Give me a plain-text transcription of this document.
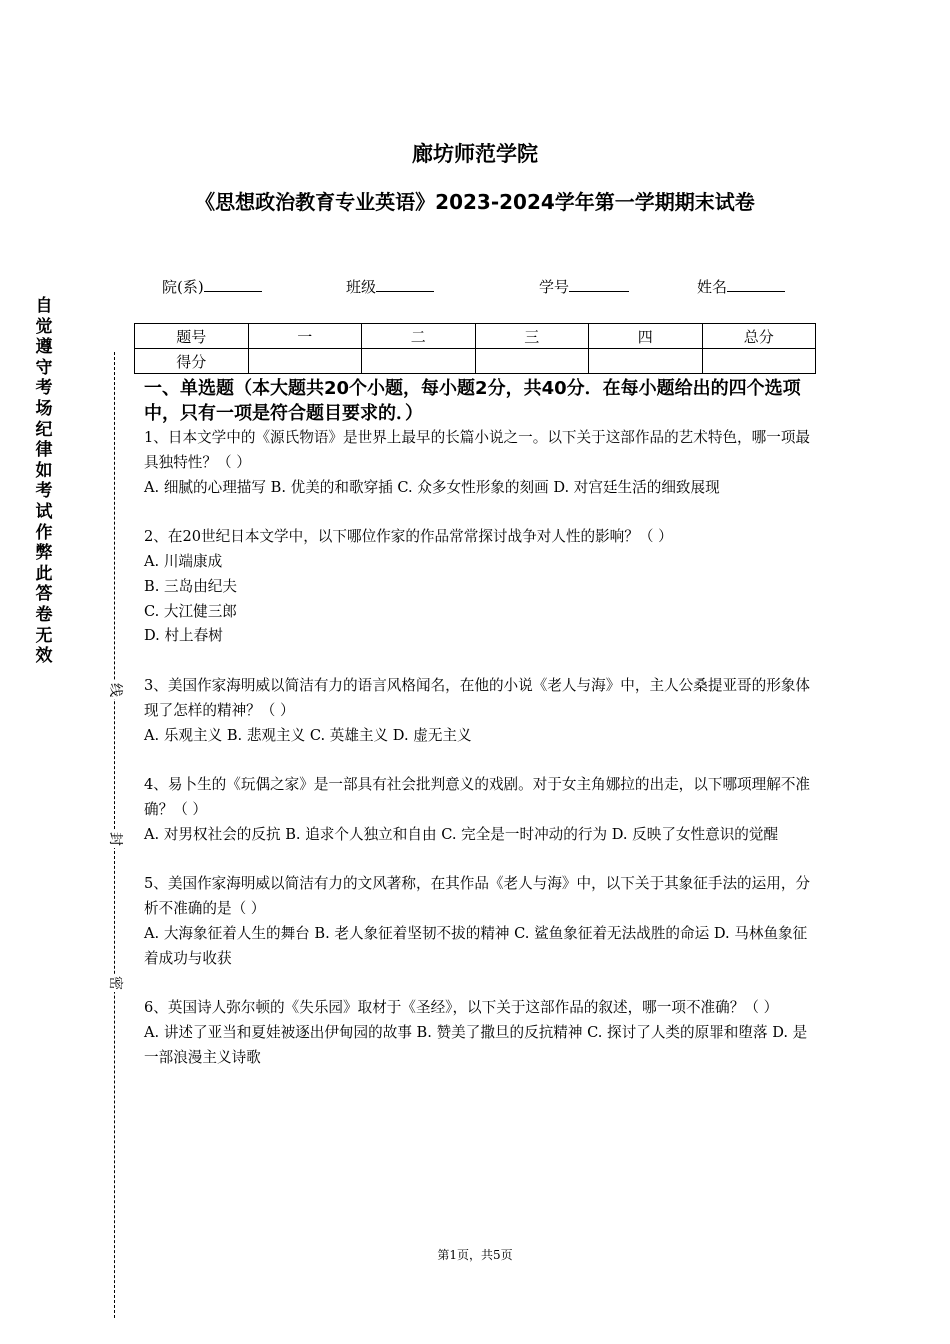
自觉遵守考场纪律如考试作弊此答卷无效
线
封
密
廊坊师范学院
《思想政治教育专业英语》2023-2024学年第一学期期末试卷
院(系)	班级	学号	姓名
题号	一	二	三	四	总分
得分					
一、单选题（本大题共20个小题，每小题2分，共40分．在每小题给出的四个选项中，只有一项是符合题目要求的．）

1、日本文学中的《源氏物语》是世界上最早的长篇小说之一。以下关于这部作品的艺术特色，哪一项最具独特性？（ ）

A. 细腻的心理描写 B. 优美的和歌穿插 C. 众多女性形象的刻画 D. 对宫廷生活的细致展现

2、在20世纪日本文学中，以下哪位作家的作品常常探讨战争对人性的影响？（ ）

A. 川端康成

B. 三岛由纪夫

C. 大江健三郎

D. 村上春树

3、美国作家海明威以简洁有力的语言风格闻名，在他的小说《老人与海》中，主人公桑提亚哥的形象体现了怎样的精神？（ ）

A. 乐观主义 B. 悲观主义 C. 英雄主义 D. 虚无主义

4、易卜生的《玩偶之家》是一部具有社会批判意义的戏剧。对于女主角娜拉的出走，以下哪项理解不准确？（ ）

A. 对男权社会的反抗 B. 追求个人独立和自由 C. 完全是一时冲动的行为 D. 反映了女性意识的觉醒

5、美国作家海明威以简洁有力的文风著称，在其作品《老人与海》中，以下关于其象征手法的运用，分析不准确的是（ ）

A. 大海象征着人生的舞台 B. 老人象征着坚韧不拔的精神 C. 鲨鱼象征着无法战胜的命运 D. 马林鱼象征着成功与收获

6、英国诗人弥尔顿的《失乐园》取材于《圣经》，以下关于这部作品的叙述，哪一项不准确？（ ）

A. 讲述了亚当和夏娃被逐出伊甸园的故事 B. 赞美了撒旦的反抗精神 C. 探讨了人类的原罪和堕落 D. 是一部浪漫主义诗歌

第1页，共5页
